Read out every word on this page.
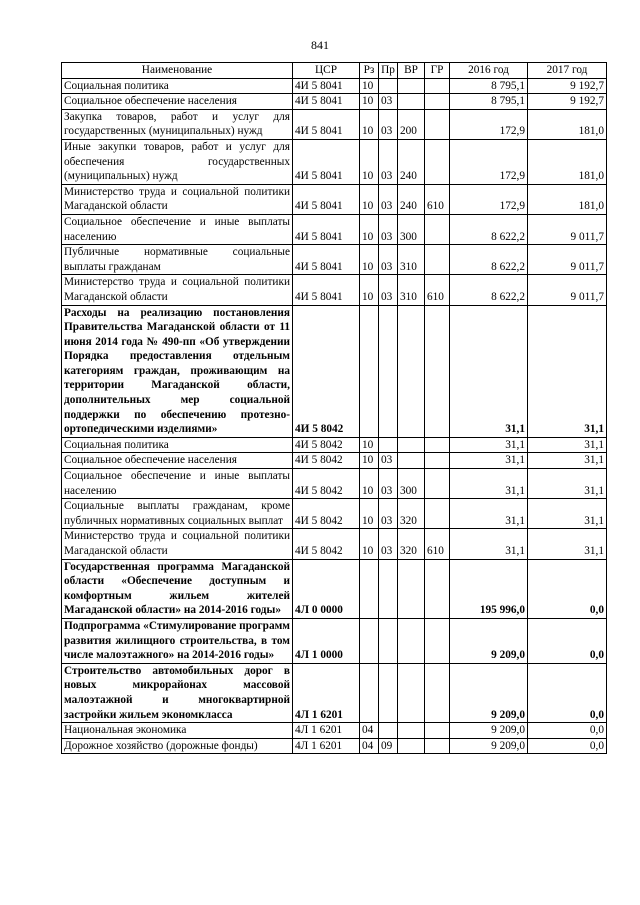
841
Наименование	ЦСР	Рз	Пр	ВР	ГР	2016 год	2017 год
Социальная политика	4И 5 8041	10				8 795,1	9 192,7
Социальное обеспечение населения	4И 5 8041	10	03			8 795,1	9 192,7
Закупка товаров, работ и услуг для государственных (муниципальных) нужд	4И 5 8041	10	03	200		172,9	181,0
Иные закупки товаров, работ и услуг для обеспечения государственных (муниципальных) нужд	4И 5 8041	10	03	240		172,9	181,0
Министерство труда и социальной политики Магаданской области	4И 5 8041	10	03	240	610	172,9	181,0
Социальное обеспечение и иные выплаты населению	4И 5 8041	10	03	300		8 622,2	9 011,7
Публичные нормативные социальные выплаты гражданам	4И 5 8041	10	03	310		8 622,2	9 011,7
Министерство труда и социальной политики Магаданской области	4И 5 8041	10	03	310	610	8 622,2	9 011,7
Расходы на реализацию постановления Правительства Магаданской области от 11 июня 2014 года № 490-пп «Об утверждении Порядка предоставления отдельным категориям граждан, проживающим на территории Магаданской области, дополнительных мер социальной поддержки по обеспечению протезно-ортопедическими изделиями»	4И 5 8042					31,1	31,1
Социальная политика	4И 5 8042	10				31,1	31,1
Социальное обеспечение населения	4И 5 8042	10	03			31,1	31,1
Социальное обеспечение и иные выплаты населению	4И 5 8042	10	03	300		31,1	31,1
Социальные выплаты гражданам, кроме публичных нормативных социальных выплат	4И 5 8042	10	03	320		31,1	31,1
Министерство труда и социальной политики Магаданской области	4И 5 8042	10	03	320	610	31,1	31,1
Государственная программа Магаданской области «Обеспечение доступным и комфортным жильем жителей Магаданской области» на 2014-2016 годы»	4Л 0 0000					195 996,0	0,0
Подпрограмма «Стимулирование программ развития жилищного строительства, в том числе малоэтажного» на 2014-2016 годы»	4Л 1 0000					9 209,0	0,0
Строительство автомобильных дорог в новых микрорайонах массовой малоэтажной и многоквартирной застройки жильем экономкласса	4Л 1 6201					9 209,0	0,0
Национальная экономика	4Л 1 6201	04				9 209,0	0,0
Дорожное хозяйство (дорожные фонды)	4Л 1 6201	04	09			9 209,0	0,0
